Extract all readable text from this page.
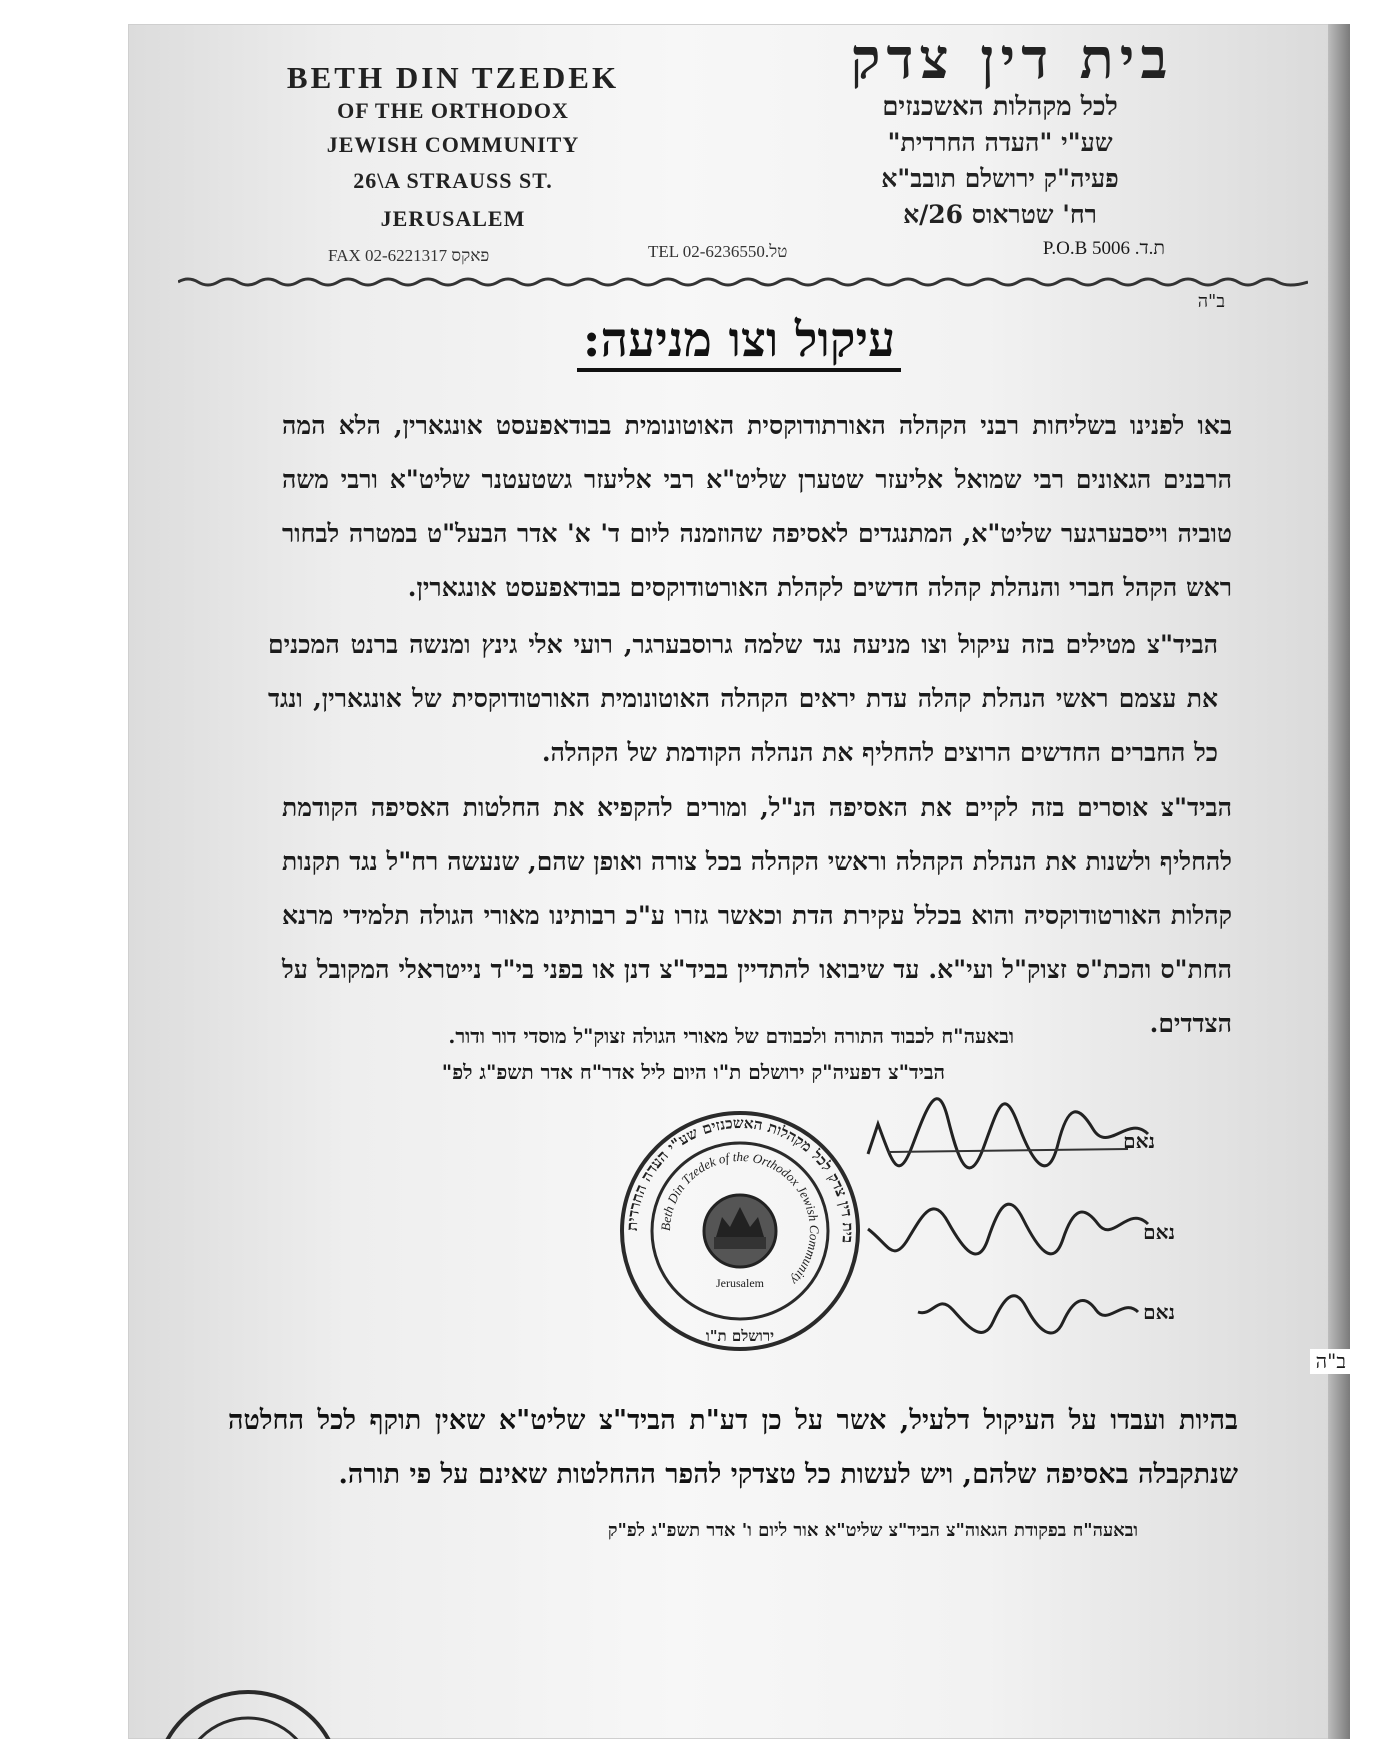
BETH DIN TZEDEK
OF THE ORTHODOX
JEWISH COMMUNITY
26\A STRAUSS ST.
JERUSALEM
FAX 02-6221317 פאקס	TEL 02-6236550.טל
בית דין צדק
לכל מקהלות האשכנזים
שע"י "העדה החרדית"
פעיה"ק ירושלם תובב"א
רח' שטראוס 26/א
ת.ד. 5006 P.O.B
ב"ה
עיקול וצו מניעה:
באו לפנינו בשליחות רבני הקהלה האורתודוקסית האוטונומית בבודאפעסט אונגארין, הלא המה הרבנים הגאונים רבי שמואל אליעזר שטערן שליט"א רבי אליעזר גשטעטנר שליט"א ורבי משה טוביה וייסבערגער שליט"א, המתנגדים לאסיפה שהוזמנה ליום ד' א' אדר הבעל"ט במטרה לבחור ראש הקהל חברי והנהלת קהלה חדשים לקהלת האורטודוקסים בבודאפעסט אונגארין.
הביד"צ מטילים בזה עיקול וצו מניעה נגד שלמה גרוסבערגר, רועי אלי גינץ ומנשה ברנט המכנים את עצמם ראשי הנהלת קהלה עדת יראים הקהלה האוטונומית האורטודוקסית של אונגארין, ונגד כל החברים החדשים הרוצים להחליף את הנהלה הקודמת של הקהלה.
הביד"צ אוסרים בזה לקיים את האסיפה הנ"ל, ומורים להקפיא את החלטות האסיפה הקודמת להחליף ולשנות את הנהלת הקהלה וראשי הקהלה בכל צורה ואופן שהם, שנעשה רח"ל נגד תקנות קהלות האורטודוקסיה והוא בכלל עקירת הדת וכאשר גזרו ע"כ רבותינו מאורי הגולה תלמידי מרנא החת"ס והכת"ס זצוק"ל ועי"א. עד שיבואו להתדיין בביד"צ דנן או בפני בי"ד נייטראלי המקובל על הצדדים.
ובאעה"ח לכבוד התורה ולכבודם של מאורי הגולה זצוק"ל מוסדי דור ודור.
הביד"צ דפעיה"ק ירושלם ת"ו היום ליל אדר"ח אדר תשפ"ג לפ"
נאם
נאם
נאם
בית דין צדק לכל מקהלות האשכנזים שע"י העדה החרדית
Beth Din Tzedek of the Orthodox Jewish Community
Jerusalem
ירושלם ת"ו
ב"ה
בהיות ועבדו על העיקול דלעיל, אשר על כן דע"ת הביד"צ שליט"א שאין תוקף לכל החלטה שנתקבלה באסיפה שלהם, ויש לעשות כל טצדקי להפר ההחלטות שאינם על פי תורה.
ובאעה"ח בפקודת הגאוה"צ הביד"צ שליט"א אור ליום ו' אדר תשפ"ג לפ"ק
